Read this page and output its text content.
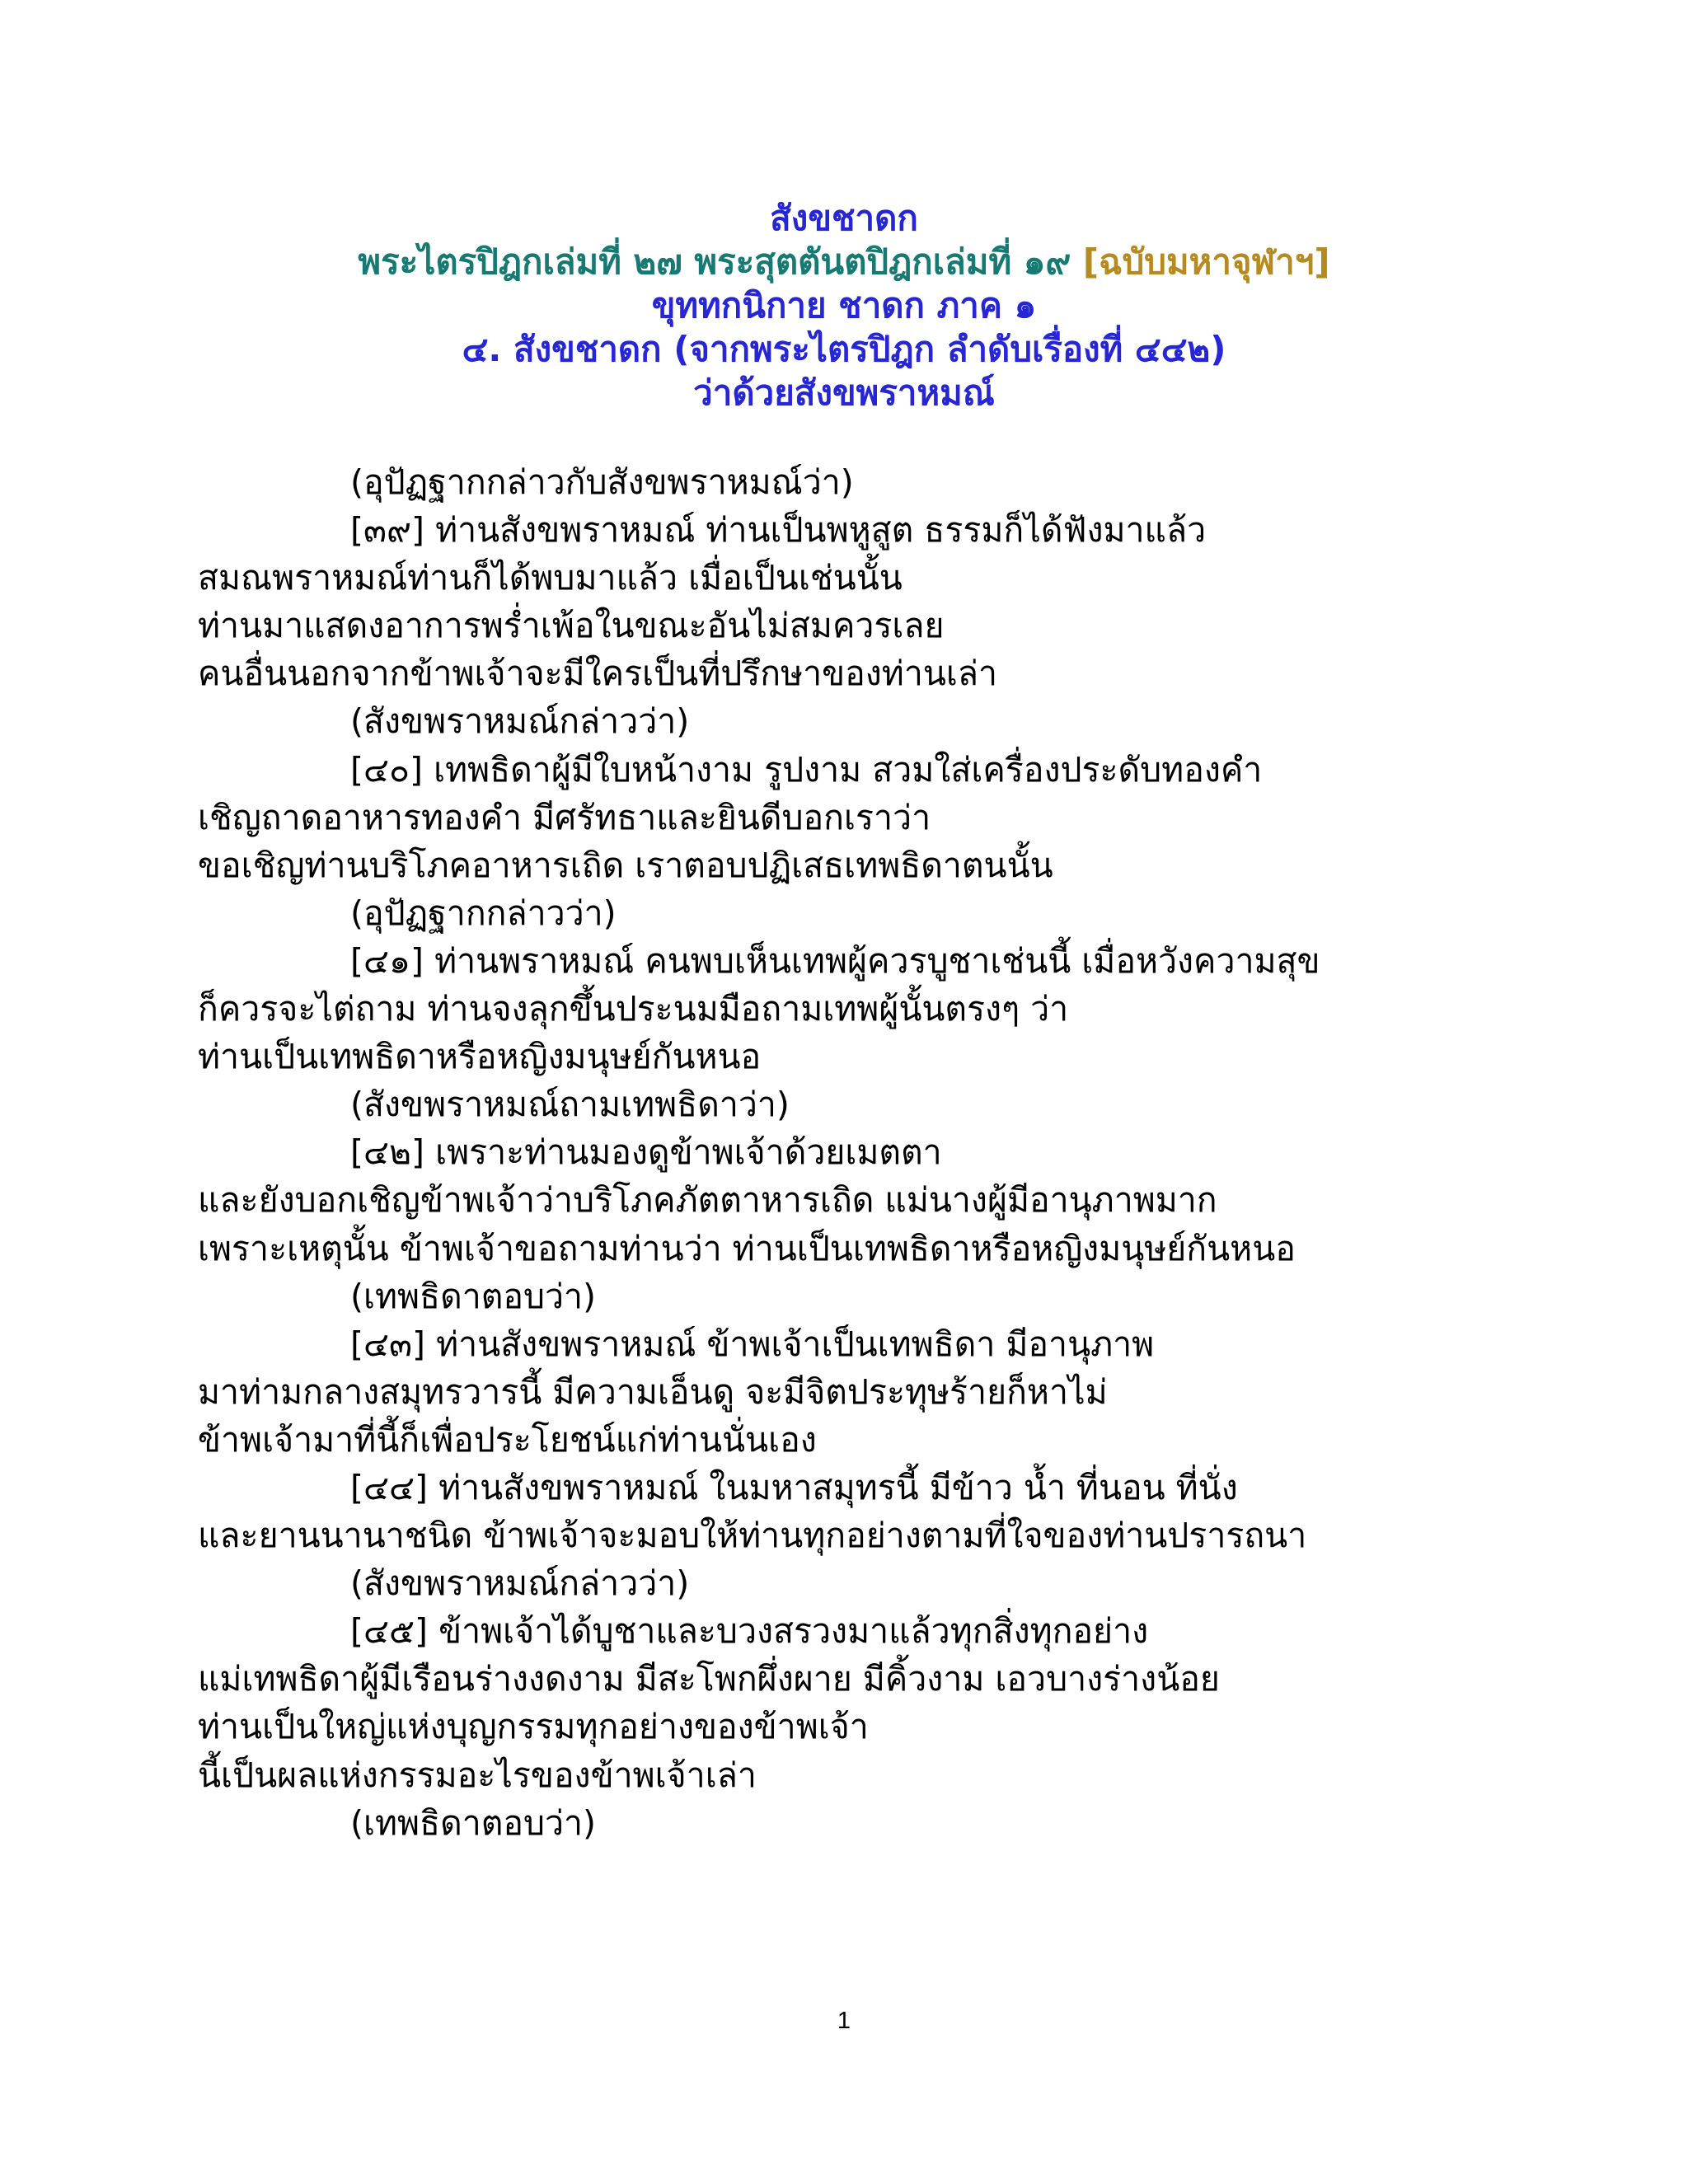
สังขชาดก
พระไตรปิฎกเล่มที่ ๒๗ พระสุตตันตปิฎกเล่มที่ ๑๙ [ฉบับมหาจุฬาฯ]
ขุททกนิกาย ชาดก ภาค ๑
๔. สังขชาดก (จากพระไตรปิฎก ลำดับเรื่องที่ ๔๔๒)
ว่าด้วยสังขพราหมณ์
(อุปัฏฐากกล่าวกับสังขพราหมณ์ว่า)
[๓๙] ท่านสังขพราหมณ์ ท่านเป็นพหูสูต ธรรมก็ได้ฟังมาแล้ว
สมณพราหมณ์ท่านก็ได้พบมาแล้ว เมื่อเป็นเช่นนั้น
ท่านมาแสดงอาการพร่ำเพ้อในขณะอันไม่สมควรเลย
คนอื่นนอกจากข้าพเจ้าจะมีใครเป็นที่ปรึกษาของท่านเล่า
(สังขพราหมณ์กล่าวว่า)
[๔๐] เทพธิดาผู้มีใบหน้างาม รูปงาม สวมใส่เครื่องประดับทองคำ
เชิญถาดอาหารทองคำ มีศรัทธาและยินดีบอกเราว่า
ขอเชิญท่านบริโภคอาหารเถิด เราตอบปฏิเสธเทพธิดาตนนั้น
(อุปัฏฐากกล่าวว่า)
[๔๑] ท่านพราหมณ์ คนพบเห็นเทพผู้ควรบูชาเช่นนี้ เมื่อหวังความสุข
ก็ควรจะไต่ถาม ท่านจงลุกขึ้นประนมมือถามเทพผู้นั้นตรงๆ ว่า
ท่านเป็นเทพธิดาหรือหญิงมนุษย์กันหนอ
(สังขพราหมณ์ถามเทพธิดาว่า)
[๔๒] เพราะท่านมองดูข้าพเจ้าด้วยเมตตา
และยังบอกเชิญข้าพเจ้าว่าบริโภคภัตตาหารเถิด แม่นางผู้มีอานุภาพมาก
เพราะเหตุนั้น ข้าพเจ้าขอถามท่านว่า ท่านเป็นเทพธิดาหรือหญิงมนุษย์กันหนอ
(เทพธิดาตอบว่า)
[๔๓] ท่านสังขพราหมณ์ ข้าพเจ้าเป็นเทพธิดา มีอานุภาพ
มาท่ามกลางสมุทรวารนี้ มีความเอ็นดู จะมีจิตประทุษร้ายก็หาไม่
ข้าพเจ้ามาที่นี้ก็เพื่อประโยชน์แก่ท่านนั่นเอง
[๔๔] ท่านสังขพราหมณ์ ในมหาสมุทรนี้ มีข้าว น้ำ ที่นอน ที่นั่ง
และยานนานาชนิด ข้าพเจ้าจะมอบให้ท่านทุกอย่างตามที่ใจของท่านปรารถนา
(สังขพราหมณ์กล่าวว่า)
[๔๕] ข้าพเจ้าได้บูชาและบวงสรวงมาแล้วทุกสิ่งทุกอย่าง
แม่เทพธิดาผู้มีเรือนร่างงดงาม มีสะโพกผึ่งผาย มีคิ้วงาม เอวบางร่างน้อย
ท่านเป็นใหญ่แห่งบุญกรรมทุกอย่างของข้าพเจ้า
นี้เป็นผลแห่งกรรมอะไรของข้าพเจ้าเล่า
(เทพธิดาตอบว่า)
1
